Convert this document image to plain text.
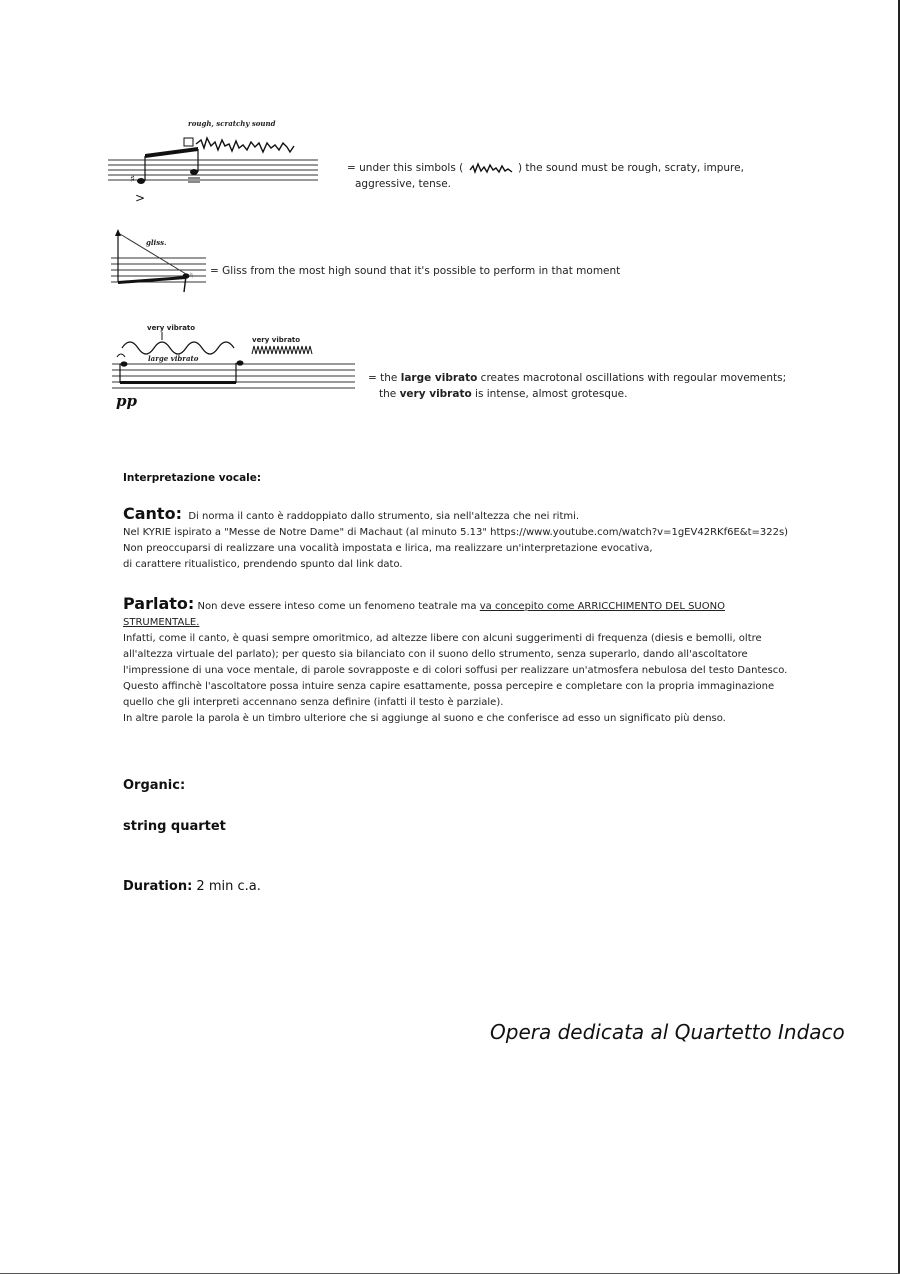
rough, scratchy sound
♯
>
= under this simbols (	) the sound must be rough, scraty, impure,
aggressive, tense.
gliss.
♮ = Gliss from the most high sound that it's possible to perform in that moment
very vibrato
very vibrato
large vibrato
pp
= the large vibrato creates macrotonal oscillations with regoular movements;
the very vibrato is intense, almost grotesque.
Interpretazione vocale:
Canto: Di norma il canto è raddoppiato dallo strumento, sia nell'altezza che nei ritmi.
Nel KYRIE ispirato a "Messe de Notre Dame" di Machaut (al minuto 5.13" https://www.youtube.com/watch?v=1gEV42RKf6E&t=322s)
Non preoccuparsi di realizzare una vocalità impostata e lirica, ma realizzare un'interpretazione evocativa,
di carattere ritualistico, prendendo spunto dal link dato.
Parlato: Non deve essere inteso come un fenomeno teatrale ma va concepito come ARRICCHIMENTO DEL SUONO
STRUMENTALE.
Infatti, come il canto, è quasi sempre omoritmico, ad altezze libere con alcuni suggerimenti di frequenza (diesis e bemolli, oltre
all'altezza virtuale del parlato); per questo sia bilanciato con il suono dello strumento, senza superarlo, dando all'ascoltatore
l'impressione di una voce mentale, di parole sovrapposte e di colori soffusi per realizzare un'atmosfera nebulosa del testo Dantesco.
Questo affinchè l'ascoltatore possa intuire senza capire esattamente, possa percepire e completare con la propria immaginazione
quello che gli interpreti accennano senza definire (infatti il testo è parziale).
In altre parole la parola è un timbro ulteriore che si aggiunge al suono e che conferisce ad esso un significato più denso.
Organic:
string quartet
Duration: 2 min c.a.
Opera dedicata al Quartetto Indaco
